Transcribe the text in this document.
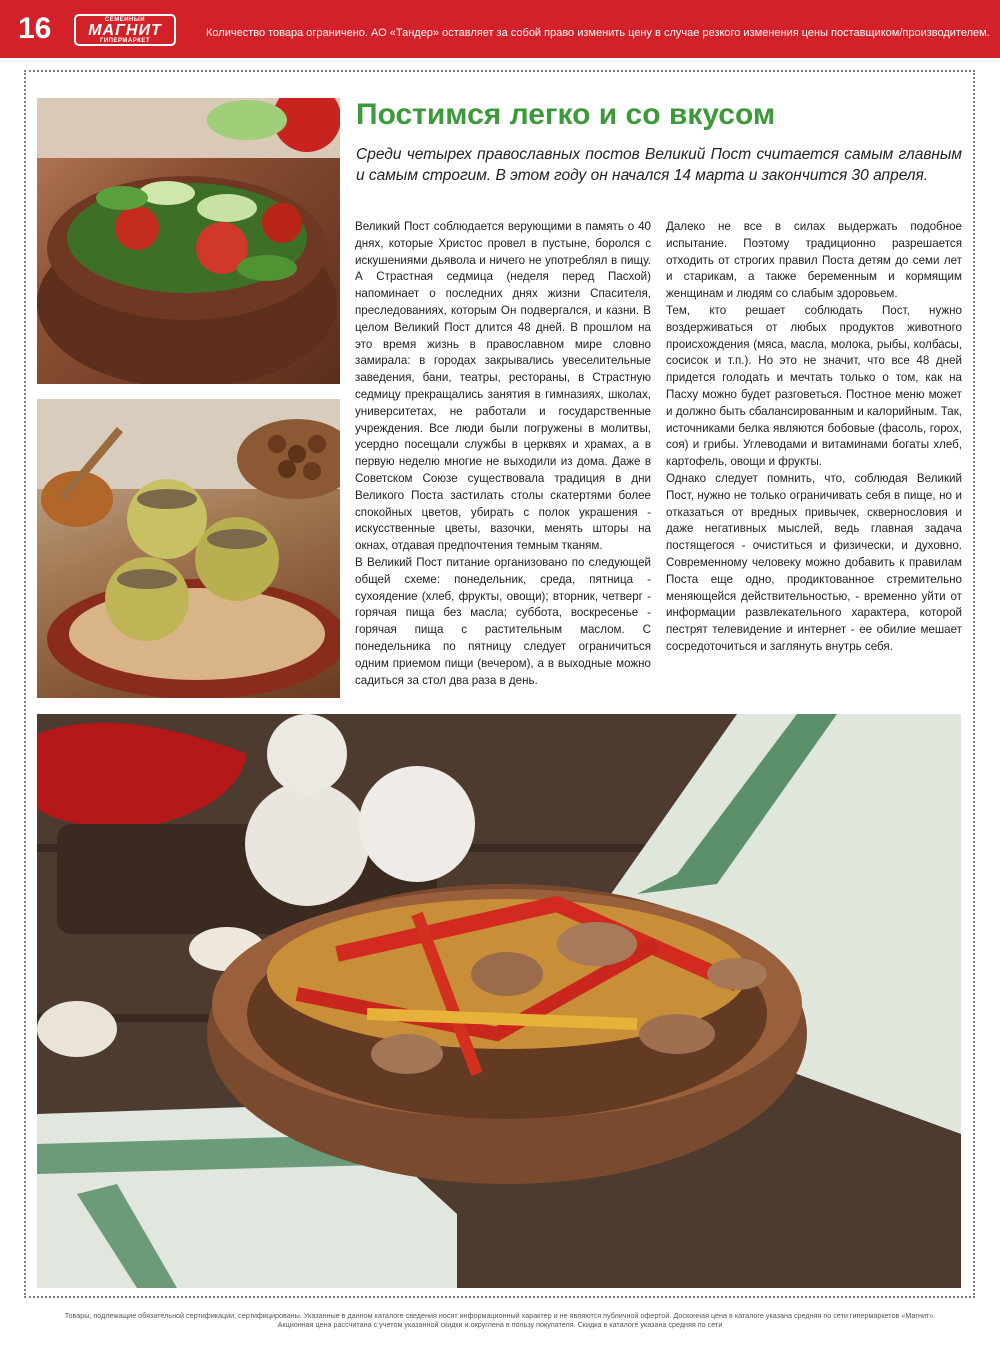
16	СЕМЕЙНЫЙ
МАГНИТ
ГИПЕРМАРКЕТ
Количество товара ограничено. АО «Тандер» оставляет за собой право изменить цену в случае резкого изменения цены поставщиком/производителем.
Постимся легко и со вкусом
Среди четырех православных постов Великий Пост считается самым главным и самым строгим. В этом году он начался 14 марта и закончится 30 апреля.

Великий Пост соблюдается верующими в память о 40 днях, которые Христос провел в пустыне, боролся с искушениями дьявола и ничего не употреблял в пищу. А Страстная седмица (неделя перед Пасхой) напоминает о последних днях жизни Спасителя, преследованиях, которым Он подвергался, и казни. В целом Великий Пост длится 48 дней. В прошлом на это время жизнь в православном мире словно замирала: в городах закрывались увеселительные заведения, бани, театры, рестораны, в Страстную седмицу прекращались занятия в гимназиях, школах, университетах, не работали и государственные учреждения. Все люди были погружены в молитвы, усердно посещали службы в церквях и храмах, а в первую неделю многие не выходили из дома. Даже в Советском Союзе существовала традиция в дни Великого Поста застилать столы скатертями более спокойных цветов, убирать с полок украшения - искусственные цветы, вазочки, менять шторы на окнах, отдавая предпочтения темным тканям.

В Великий Пост питание организовано по следующей общей схеме: понедельник, среда, пятница - сухоядение (хлеб, фрукты, овощи); вторник, четверг - горячая пища без масла; суббота, воскресенье - горячая пища с растительным маслом. С понедельника по пятницу следует ограничиться одним приемом пищи (вечером), а в выходные можно садиться за стол два раза в день.

Далеко не все в силах выдержать подобное испытание. Поэтому традиционно разрешается отходить от строгих правил Поста детям до семи лет и старикам, а также беременным и кормящим женщинам и людям со слабым здоровьем.

Тем, кто решает соблюдать Пост, нужно воздерживаться от любых продуктов животного происхождения (мяса, масла, молока, рыбы, колбасы, сосисок и т.п.). Но это не значит, что все 48 дней придется голодать и мечтать только о том, как на Пасху можно будет разговеться. Постное меню может и должно быть сбалансированным и калорийным. Так, источниками белка являются бобовые (фасоль, горох, соя) и грибы. Углеводами и витаминами богаты хлеб, картофель, овощи и фрукты.

Однако следует помнить, что, соблюдая Великий Пост, нужно не только ограничивать себя в пище, но и отказаться от вредных привычек, сквернословия и даже негативных мыслей, ведь главная задача постящегося - очиститься и физически, и духовно. Современному человеку можно добавить к правилам Поста еще одно, продиктованное стремительно меняющейся действительностью, - временно уйти от информации развлекательного характера, которой пестрят телевидение и интернет - ее обилие мешает сосредоточиться и заглянуть внутрь себя.

Товары, подлежащие обязательной сертификации, сертифицированы. Указанные в данном каталоге сведения носят информационный характер и не являются публичной офертой. Досконная цена в каталоге указана средняя по сети гипермаркетов «Магнит».
Акционная цена рассчитана с учетом указанной скидки и округлена в пользу покупателя. Скидка в каталоге указана средняя по сети
